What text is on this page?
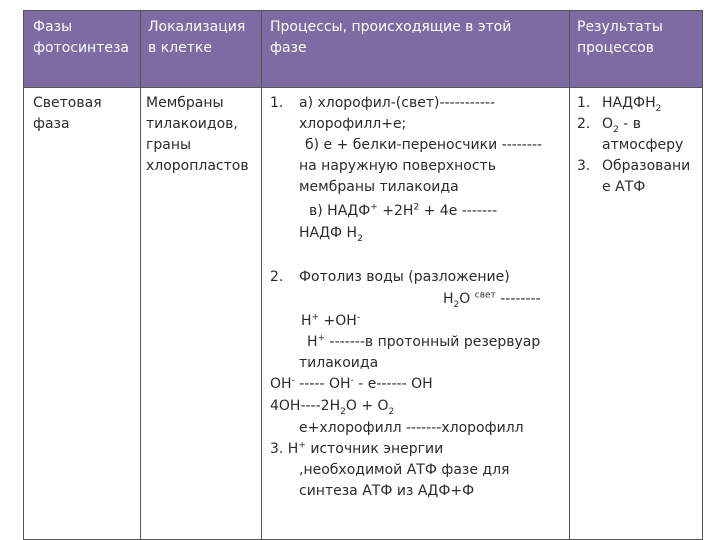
Фазы
фотосинтеза
Локализация
в клетке
Процессы, происходящие в этой
фазе
Результаты
процессов
Световая
фаза
Мембраны
тилакоидов,
граны
хлоропластов
1. а) хлорофил-(свет)-----------
хлорофилл+е;
б) е + белки-переносчики --------
на наружную поверхность
мембраны тилакоида
в) НАДФ+ $+2Н^2 + 4е$ -------
НАДФ $Н_2$
2. Фотолиз воды (разложение)
$Н_2О$ $^{свет}$ --------
Н+ +ОН-
Н+ -------в протонный резервуар
тилакоида
ОН- ----- ОН- - е------ ОН
$4ОН----2Н_2О + О_2$
е+хлорофилл -------хлорофилл
3. Н+ источник энергии
,необходимой АТФ фазе для
синтеза АТФ из АДФ+Ф
1. $НАДФН_2$
2. $О_2$ - в
атмосферу
3. Образовани
е АТФ
